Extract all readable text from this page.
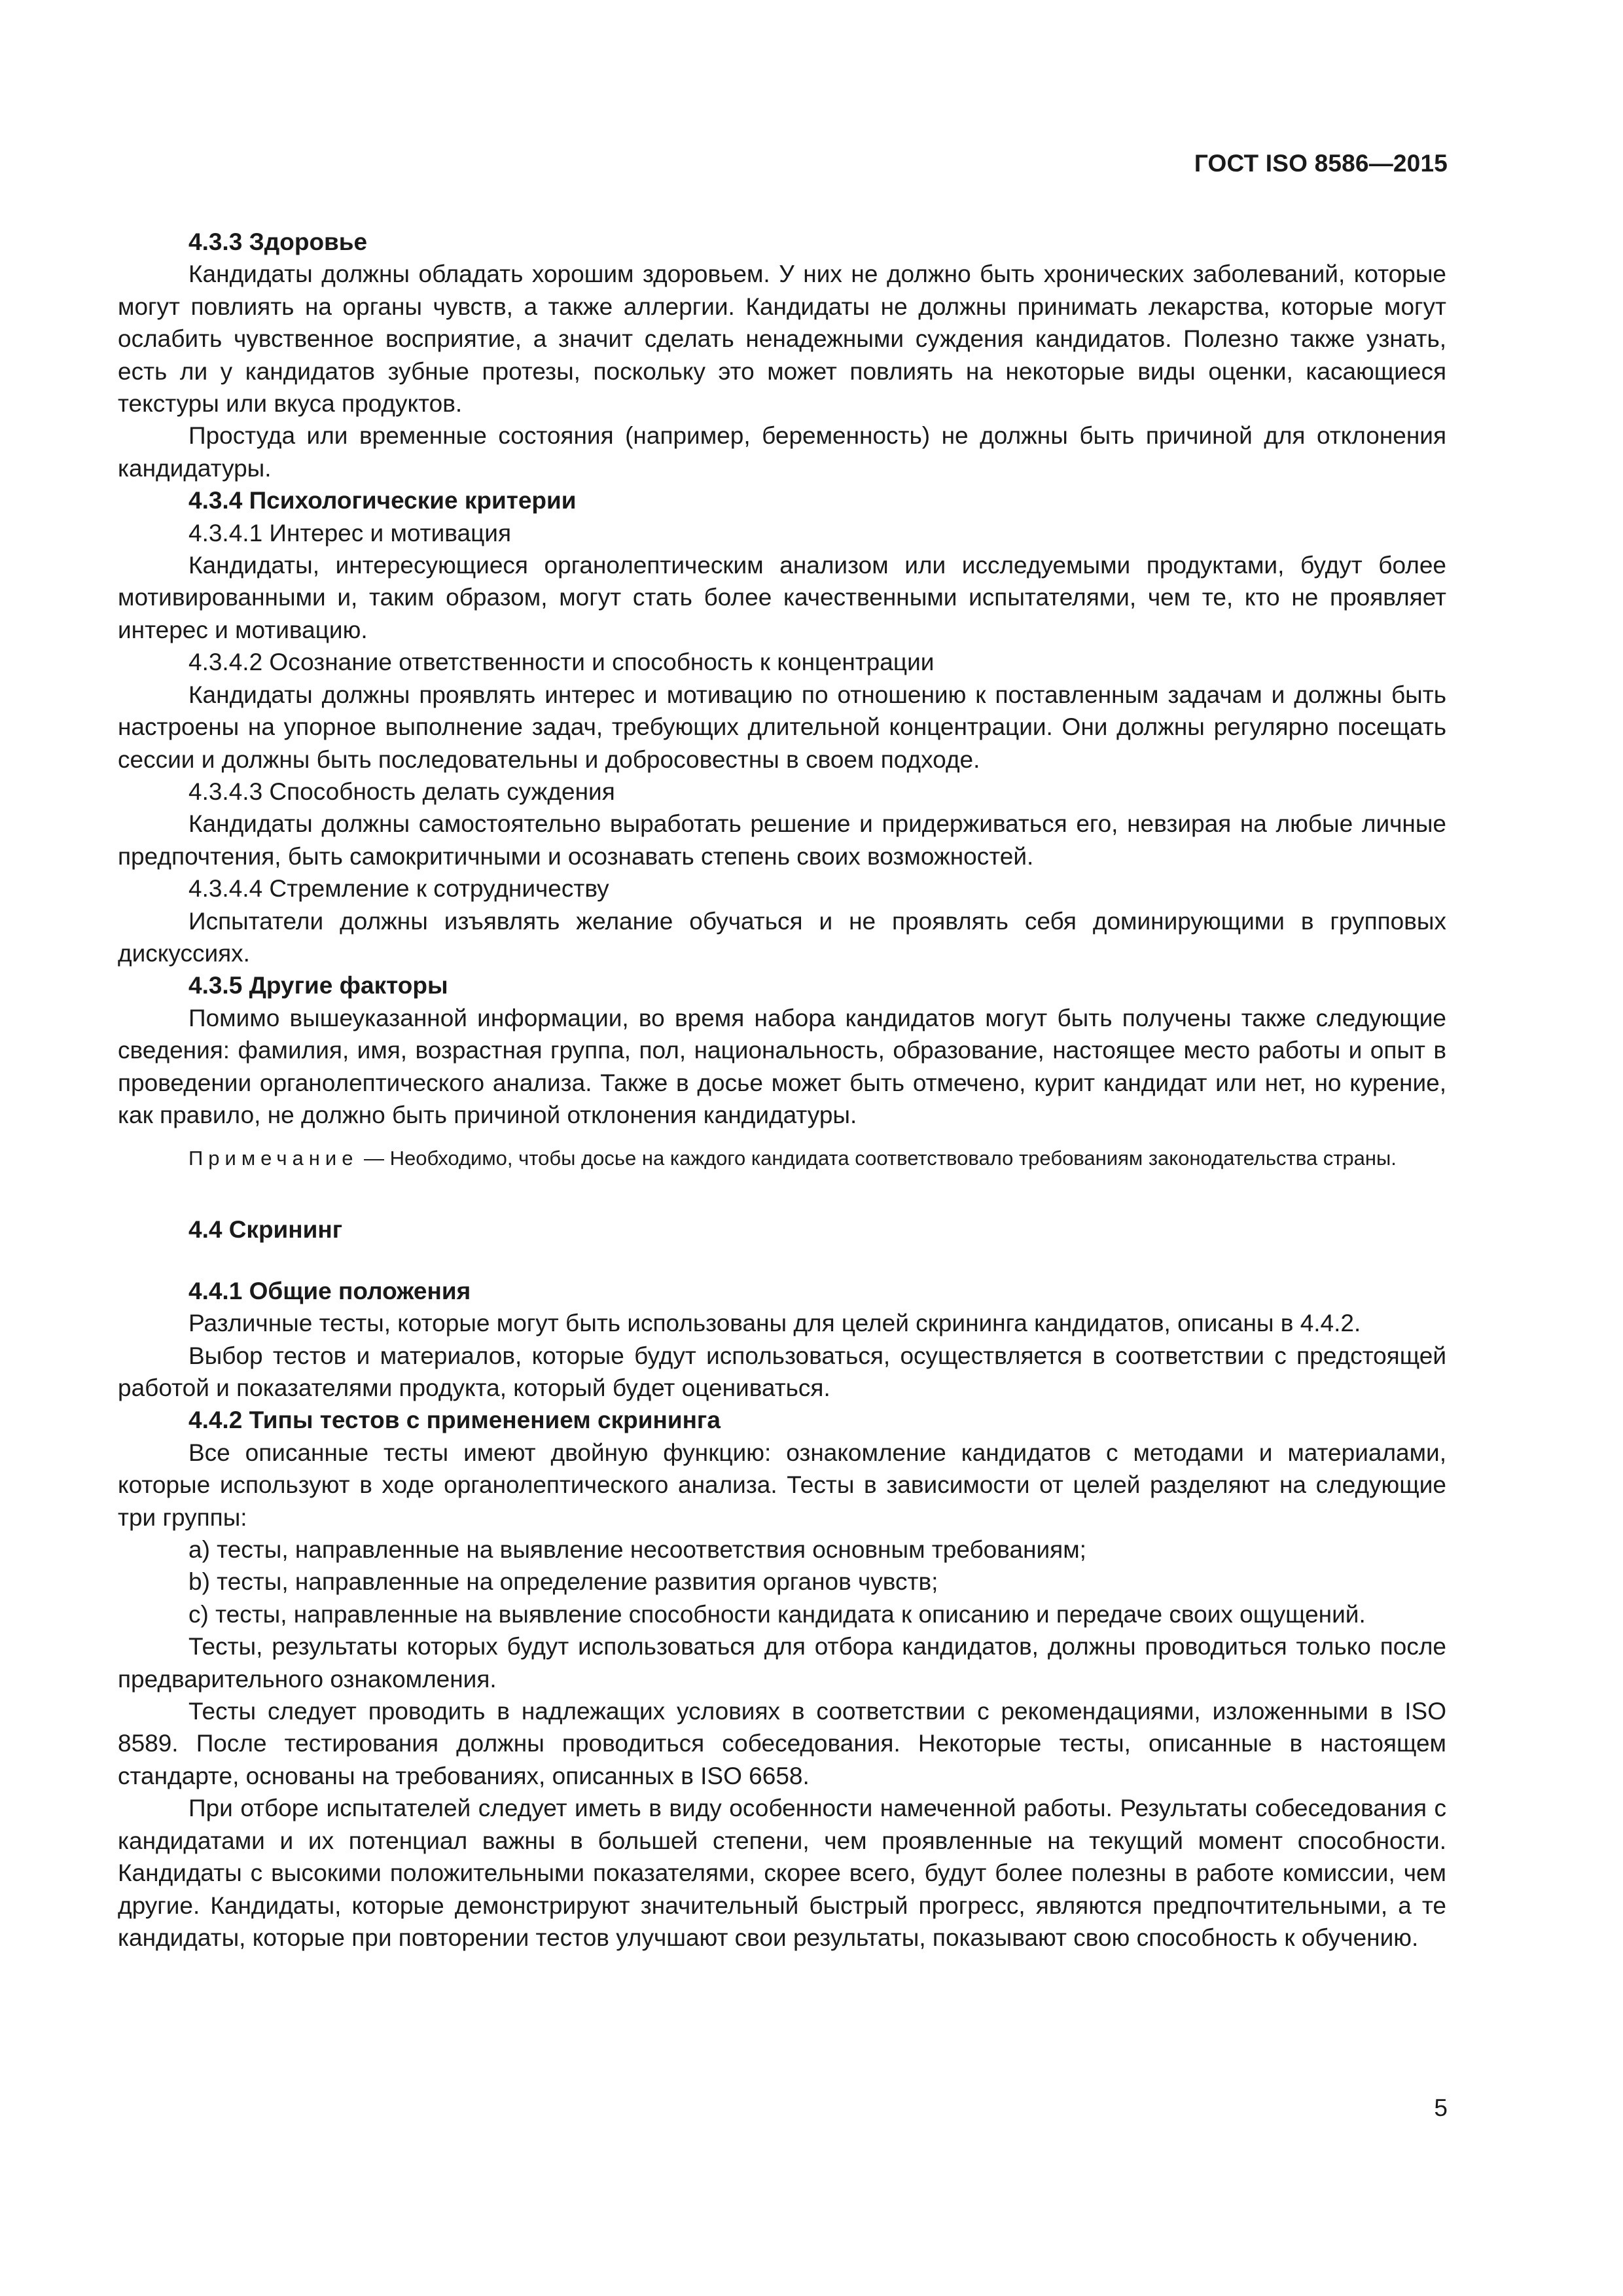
ГОСТ ISO 8586—2015
4.3.3 Здоровье

Кандидаты должны обладать хорошим здоровьем. У них не должно быть хронических заболеваний, которые могут повлиять на органы чувств, а также аллергии. Кандидаты не должны принимать лекарства, которые могут ослабить чувственное восприятие, а значит сделать ненадежными суждения кандидатов. Полезно также узнать, есть ли у кандидатов зубные протезы, поскольку это может повлиять на некоторые виды оценки, касающиеся текстуры или вкуса продуктов.

Простуда или временные состояния (например, беременность) не должны быть причиной для отклонения кандидатуры.

4.3.4 Психологические критерии
4.3.4.1 Интерес и мотивация

Кандидаты, интересующиеся органолептическим анализом или исследуемыми продуктами, будут более мотивированными и, таким образом, могут стать более качественными испытателями, чем те, кто не проявляет интерес и мотивацию.

4.3.4.2 Осознание ответственности и способность к концентрации

Кандидаты должны проявлять интерес и мотивацию по отношению к поставленным задачам и должны быть настроены на упорное выполнение задач, требующих длительной концентрации. Они должны регулярно посещать сессии и должны быть последовательны и добросовестны в своем подходе.

4.3.4.3 Способность делать суждения

Кандидаты должны самостоятельно выработать решение и придерживаться его, невзирая на любые личные предпочтения, быть самокритичными и осознавать степень своих возможностей.

4.3.4.4 Стремление к сотрудничеству

Испытатели должны изъявлять желание обучаться и не проявлять себя доминирующими в групповых дискуссиях.

4.3.5 Другие факторы

Помимо вышеуказанной информации, во время набора кандидатов могут быть получены также следующие сведения: фамилия, имя, возрастная группа, пол, национальность, образование, настоящее место работы и опыт в проведении органолептического анализа. Также в досье может быть отмечено, курит кандидат или нет, но курение, как правило, не должно быть причиной отклонения кандидатуры.

Примечание — Необходимо, чтобы досье на каждого кандидата соответствовало требованиям законодательства страны.
4.4 Скрининг
4.4.1 Общие положения

Различные тесты, которые могут быть использованы для целей скрининга кандидатов, описаны в 4.4.2.

Выбор тестов и материалов, которые будут использоваться, осуществляется в соответствии с предстоящей работой и показателями продукта, который будет оцениваться.

4.4.2 Типы тестов с применением скрининга

Все описанные тесты имеют двойную функцию: ознакомление кандидатов с методами и материалами, которые используют в ходе органолептического анализа. Тесты в зависимости от целей разделяют на следующие три группы:

a) тесты, направленные на выявление несоответствия основным требованиям;

b) тесты, направленные на определение развития органов чувств;

c) тесты, направленные на выявление способности кандидата к описанию и передаче своих ощущений.

Тесты, результаты которых будут использоваться для отбора кандидатов, должны проводиться только после предварительного ознакомления.

Тесты следует проводить в надлежащих условиях в соответствии с рекомендациями, изложенными в ISO 8589. После тестирования должны проводиться собеседования. Некоторые тесты, описанные в настоящем стандарте, основаны на требованиях, описанных в ISO 6658.

При отборе испытателей следует иметь в виду особенности намеченной работы. Результаты собеседования с кандидатами и их потенциал важны в большей степени, чем проявленные на текущий момент способности. Кандидаты с высокими положительными показателями, скорее всего, будут более полезны в работе комиссии, чем другие. Кандидаты, которые демонстрируют значительный быстрый прогресс, являются предпочтительными, а те кандидаты, которые при повторении тестов улучшают свои результаты, показывают свою способность к обучению.

5
